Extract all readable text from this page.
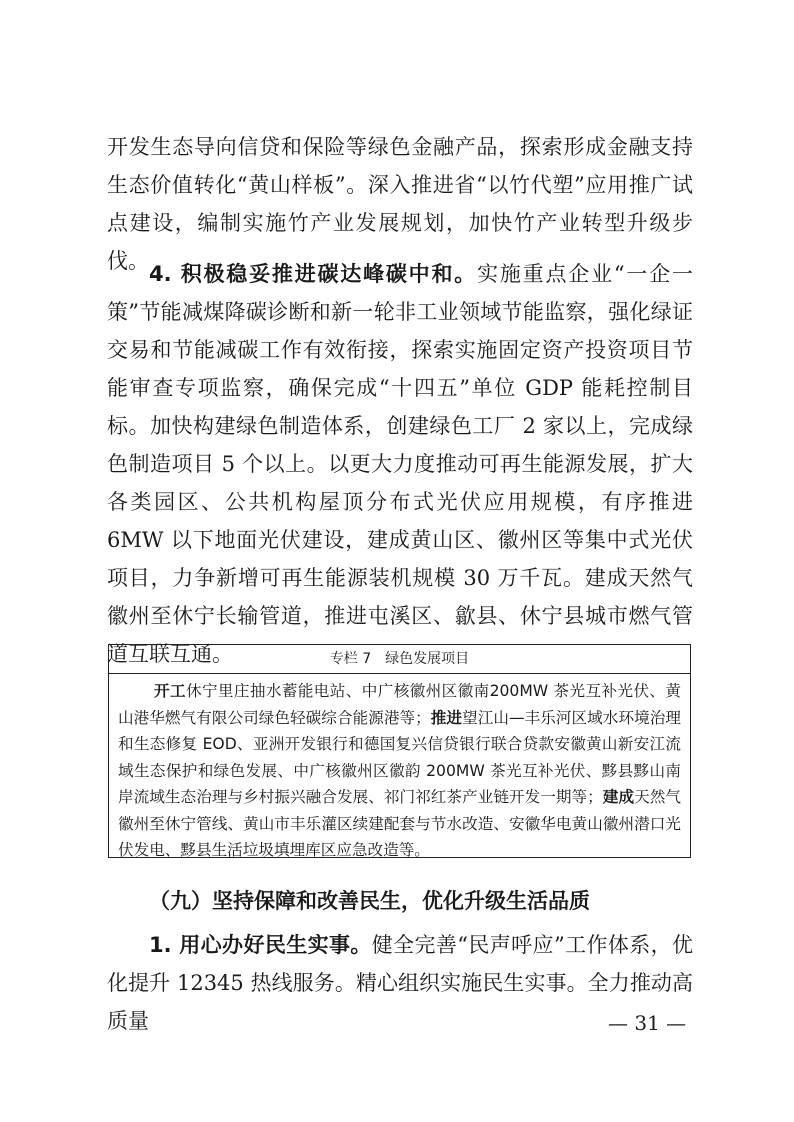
开发生态导向信贷和保险等绿色金融产品，探索形成金融支持生态价值转化“黄山样板”。深入推进省“以竹代塑”应用推广试点建设，编制实施竹产业发展规划，加快竹产业转型升级步伐。
4. 积极稳妥推进碳达峰碳中和。实施重点企业“一企一策”节能减煤降碳诊断和新一轮非工业领域节能监察，强化绿证交易和节能减碳工作有效衔接，探索实施固定资产投资项目节能审查专项监察，确保完成“十四五”单位 GDP 能耗控制目标。加快构建绿色制造体系，创建绿色工厂 2 家以上，完成绿色制造项目 5 个以上。以更大力度推动可再生能源发展，扩大各类园区、公共机构屋顶分布式光伏应用规模，有序推进 6MW 以下地面光伏建设，建成黄山区、徽州区等集中式光伏项目，力争新增可再生能源装机规模 30 万千瓦。建成天然气徽州至休宁长输管道，推进屯溪区、歙县、休宁县城市燃气管道互联互通。	专栏 7　绿色发展项目
开工休宁里庄抽水蓄能电站、中广核徽州区徽南200MW 茶光互补光伏、黄山港华燃气有限公司绿色轻碳综合能源港等；推进望江山—丰乐河区域水环境治理和生态修复 EOD、亚洲开发银行和德国复兴信贷银行联合贷款安徽黄山新安江流域生态保护和绿色发展、中广核徽州区徽韵 200MW 茶光互补光伏、黟县黟山南岸流域生态治理与乡村振兴融合发展、祁门祁红茶产业链开发一期等；建成天然气徽州至休宁管线、黄山市丰乐灌区续建配套与节水改造、安徽华电黄山徽州潜口光伏发电、黟县生活垃圾填埋库区应急改造等。
（九）坚持保障和改善民生，优化升级生活品质
1. 用心办好民生实事。健全完善“民声呼应”工作体系，优化提升 12345 热线服务。精心组织实施民生实事。全力推动高质量	— 31 —
